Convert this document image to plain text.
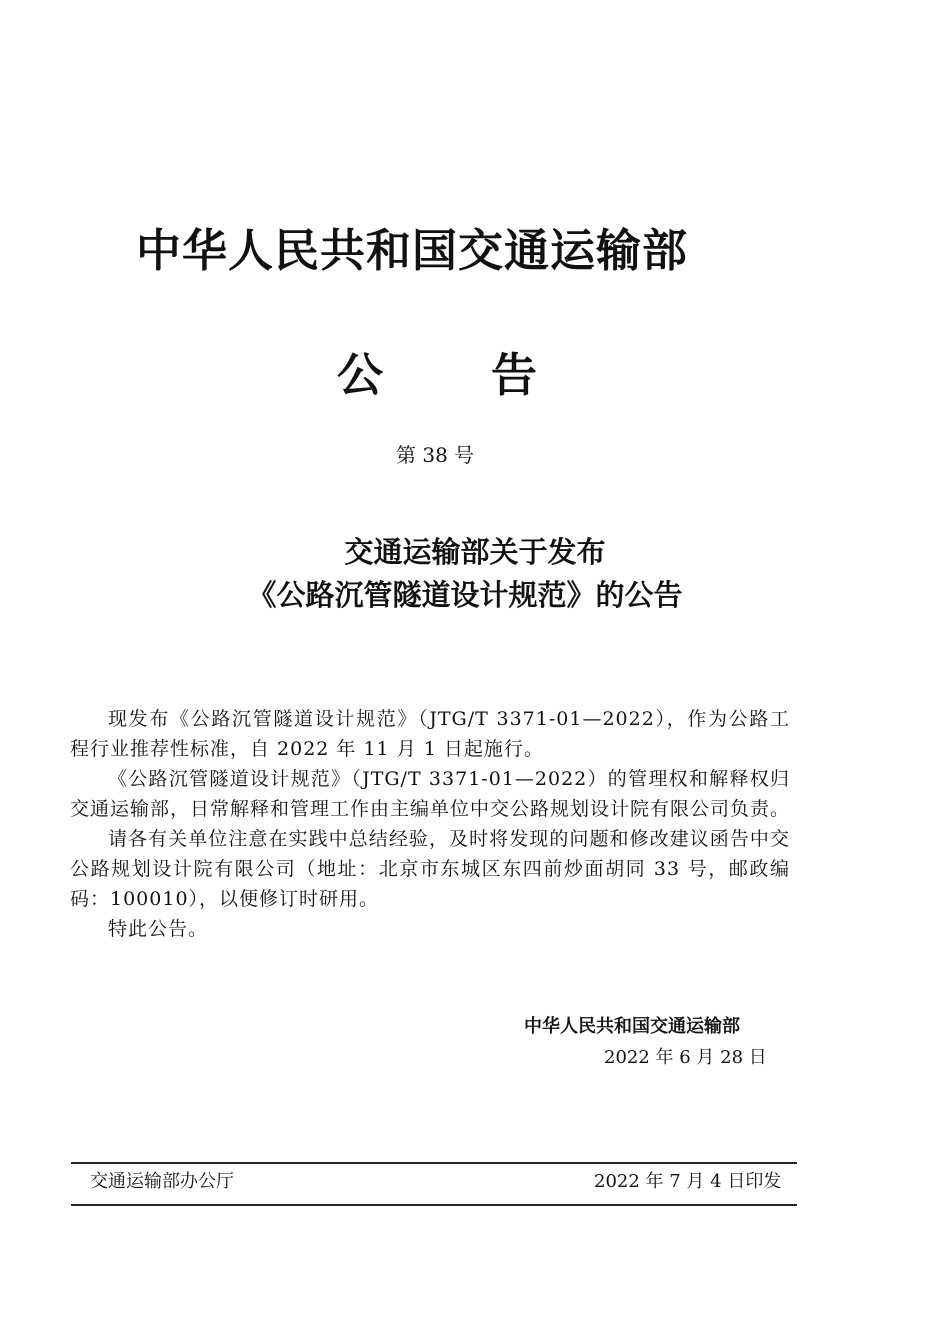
中华人民共和国交通运输部
公告
第 38 号
交通运输部关于发布
《公路沉管隧道设计规范》的公告

现发布《公路沉管隧道设计规范》（JTG/T 3371-01—2022），作为公路工程行业推荐性标准，自 2022 年 11 月 1 日起施行。

《公路沉管隧道设计规范》（JTG/T 3371-01—2022）的管理权和解释权归交通运输部，日常解释和管理工作由主编单位中交公路规划设计院有限公司负责。

请各有关单位注意在实践中总结经验，及时将发现的问题和修改建议函告中交公路规划设计院有限公司（地址：北京市东城区东四前炒面胡同 33 号，邮政编码：100010），以便修订时研用。

特此公告。

中华人民共和国交通运输部
2022 年 6 月 28 日
交通运输部办公厅	2022 年 7 月 4 日印发
